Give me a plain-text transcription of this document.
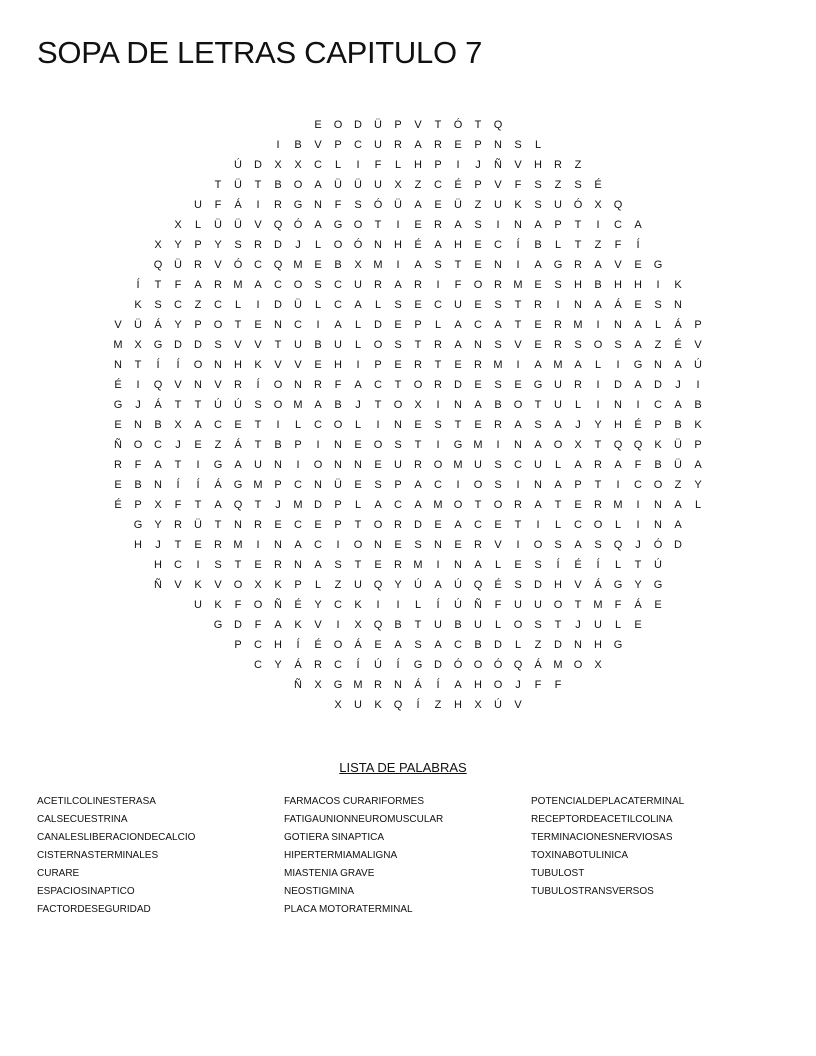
SOPA DE LETRAS CAPITULO 7
E	O	D	Ü	P	V	T	Ó	T	Q
I	B	V	P	C	U	R	A	R	E	P	N	S	L
Ú	D	X	X	C	L	I	F	L	H	P	I	J	Ñ	V	H	R	Z
T	Ü	T	B	O	A	Ü	Ü	U	X	Z	C	É	P	V	F	S	Z	S	É
U	F	Á	I	R	G	N	F	S	Ó	Ü	A	E	Ü	Z	U	K	S	U	Ó	X	Q
X	L	Ü	Ü	V	Q	Ó	A	G	O	T	I	E	R	A	S	I	N	A	P	T	I	C	A
X	Y	P	Y	S	R	D	J	L	O	Ó	N	H	É	A	H	E	C	Í	B	L	T	Z	F	Í
Q	Ü	R	V	Ó	C	Q	M	E	B	X	M	I	A	S	T	E	N	I	A	G	R	A	V	E	G
Í	T	F	A	R	M	A	C	O	S	C	U	R	A	R	I	F	O	R	M	E	S	H	B	H	H	I	K
K	S	C	Z	C	L	I	D	Ü	L	C	A	L	S	E	C	U	E	S	T	R	I	N	A	Á	E	S	N
V	Ü	Á	Y	P	O	T	E	N	C	I	A	L	D	E	P	L	A	C	A	T	E	R	M	I	N	A	L	Á	P
M	X	G	D	D	S	V	V	T	U	B	U	L	O	S	T	R	A	N	S	V	E	R	S	O	S	A	Z	É	V
N	T	Í	Í	O	N	H	K	V	V	E	H	I	P	E	R	T	E	R	M	I	A	M	A	L	I	G	N	A	Ú
É	I	Q	V	N	V	R	Í	O	N	R	F	A	C	T	O	R	D	E	S	E	G	U	R	I	D	A	D	J	I
G	J	Á	T	T	Ú	Ú	S	O	M	A	B	J	T	O	X	I	N	A	B	O	T	U	L	I	N	I	C	A	B
E	N	B	X	A	C	E	T	I	L	C	O	L	I	N	E	S	T	E	R	A	S	A	J	Y	H	É	P	B	K
Ñ	O	C	J	E	Z	Á	T	B	P	I	N	E	O	S	T	I	G	M	I	N	A	O	X	T	Q	Q	K	Ü	P
R	F	A	T	I	G	A	U	N	I	O	N	N	E	U	R	O	M	U	S	C	U	L	A	R	A	F	B	Ü	A
E	B	N	Í	Í	Á	G	M	P	C	N	Ü	E	S	P	A	C	I	O	S	I	N	A	P	T	I	C	O	Z	Y
É	P	X	F	T	A	Q	T	J	M	D	P	L	A	C	A	M	O	T	O	R	A	T	E	R	M	I	N	A	L
G	Y	R	Ü	T	N	R	E	C	E	P	T	O	R	D	E	A	C	E	T	I	L	C	O	L	I	N	A
H	J	T	E	R	M	I	N	A	C	I	O	N	E	S	N	E	R	V	I	O	S	A	S	Q	J	Ó	D
H	C	I	S	T	E	R	N	A	S	T	E	R	M	I	N	A	L	E	S	Í	É	Í	L	T	Ú
Ñ	V	K	V	O	X	K	P	L	Z	U	Q	Y	Ú	A	Ú	Q	É	S	D	H	V	Á	G	Y	G
U	K	F	O	Ñ	É	Y	C	K	I	I	L	Í	Ú	Ñ	F	U	U	O	T	M	F	Á	E
G	D	F	A	K	V	I	X	Q	B	T	U	B	U	L	O	S	T	J	U	L	E
P	C	H	Í	É	O	Á	E	A	S	A	C	B	D	L	Z	D	N	H	G
C	Y	Á	R	C	Í	Ú	Í	G	D	Ó	O	Ó	Q	Á	M	O	X
Ñ	X	G	M	R	N	Á	Í	A	H	O	J	F	F
X	U	K	Q	Í	Z	H	X	Ú	V
LISTA DE PALABRAS
ACETILCOLINESTERASA
CALSECUESTRINA
CANALESLIBERACIONDECALCIO
CISTERNASTERMINALES
CURARE
ESPACIOSINAPTICO
FACTORDESEGURIDAD
FARMACOS CURARIFORMES
FATIGAUNIONNEUROMUSCULAR
GOTIERA SINAPTICA
HIPERTERMIAMALIGNA
MIASTENIA GRAVE
NEOSTIGMINA
PLACA MOTORATERMINAL
POTENCIALDEPLACATERMINAL
RECEPTORDEACETILCOLINA
TERMINACIONESNERVIOSAS
TOXINABOTULINICA
TUBULOST
TUBULOSTRANSVERSOS
